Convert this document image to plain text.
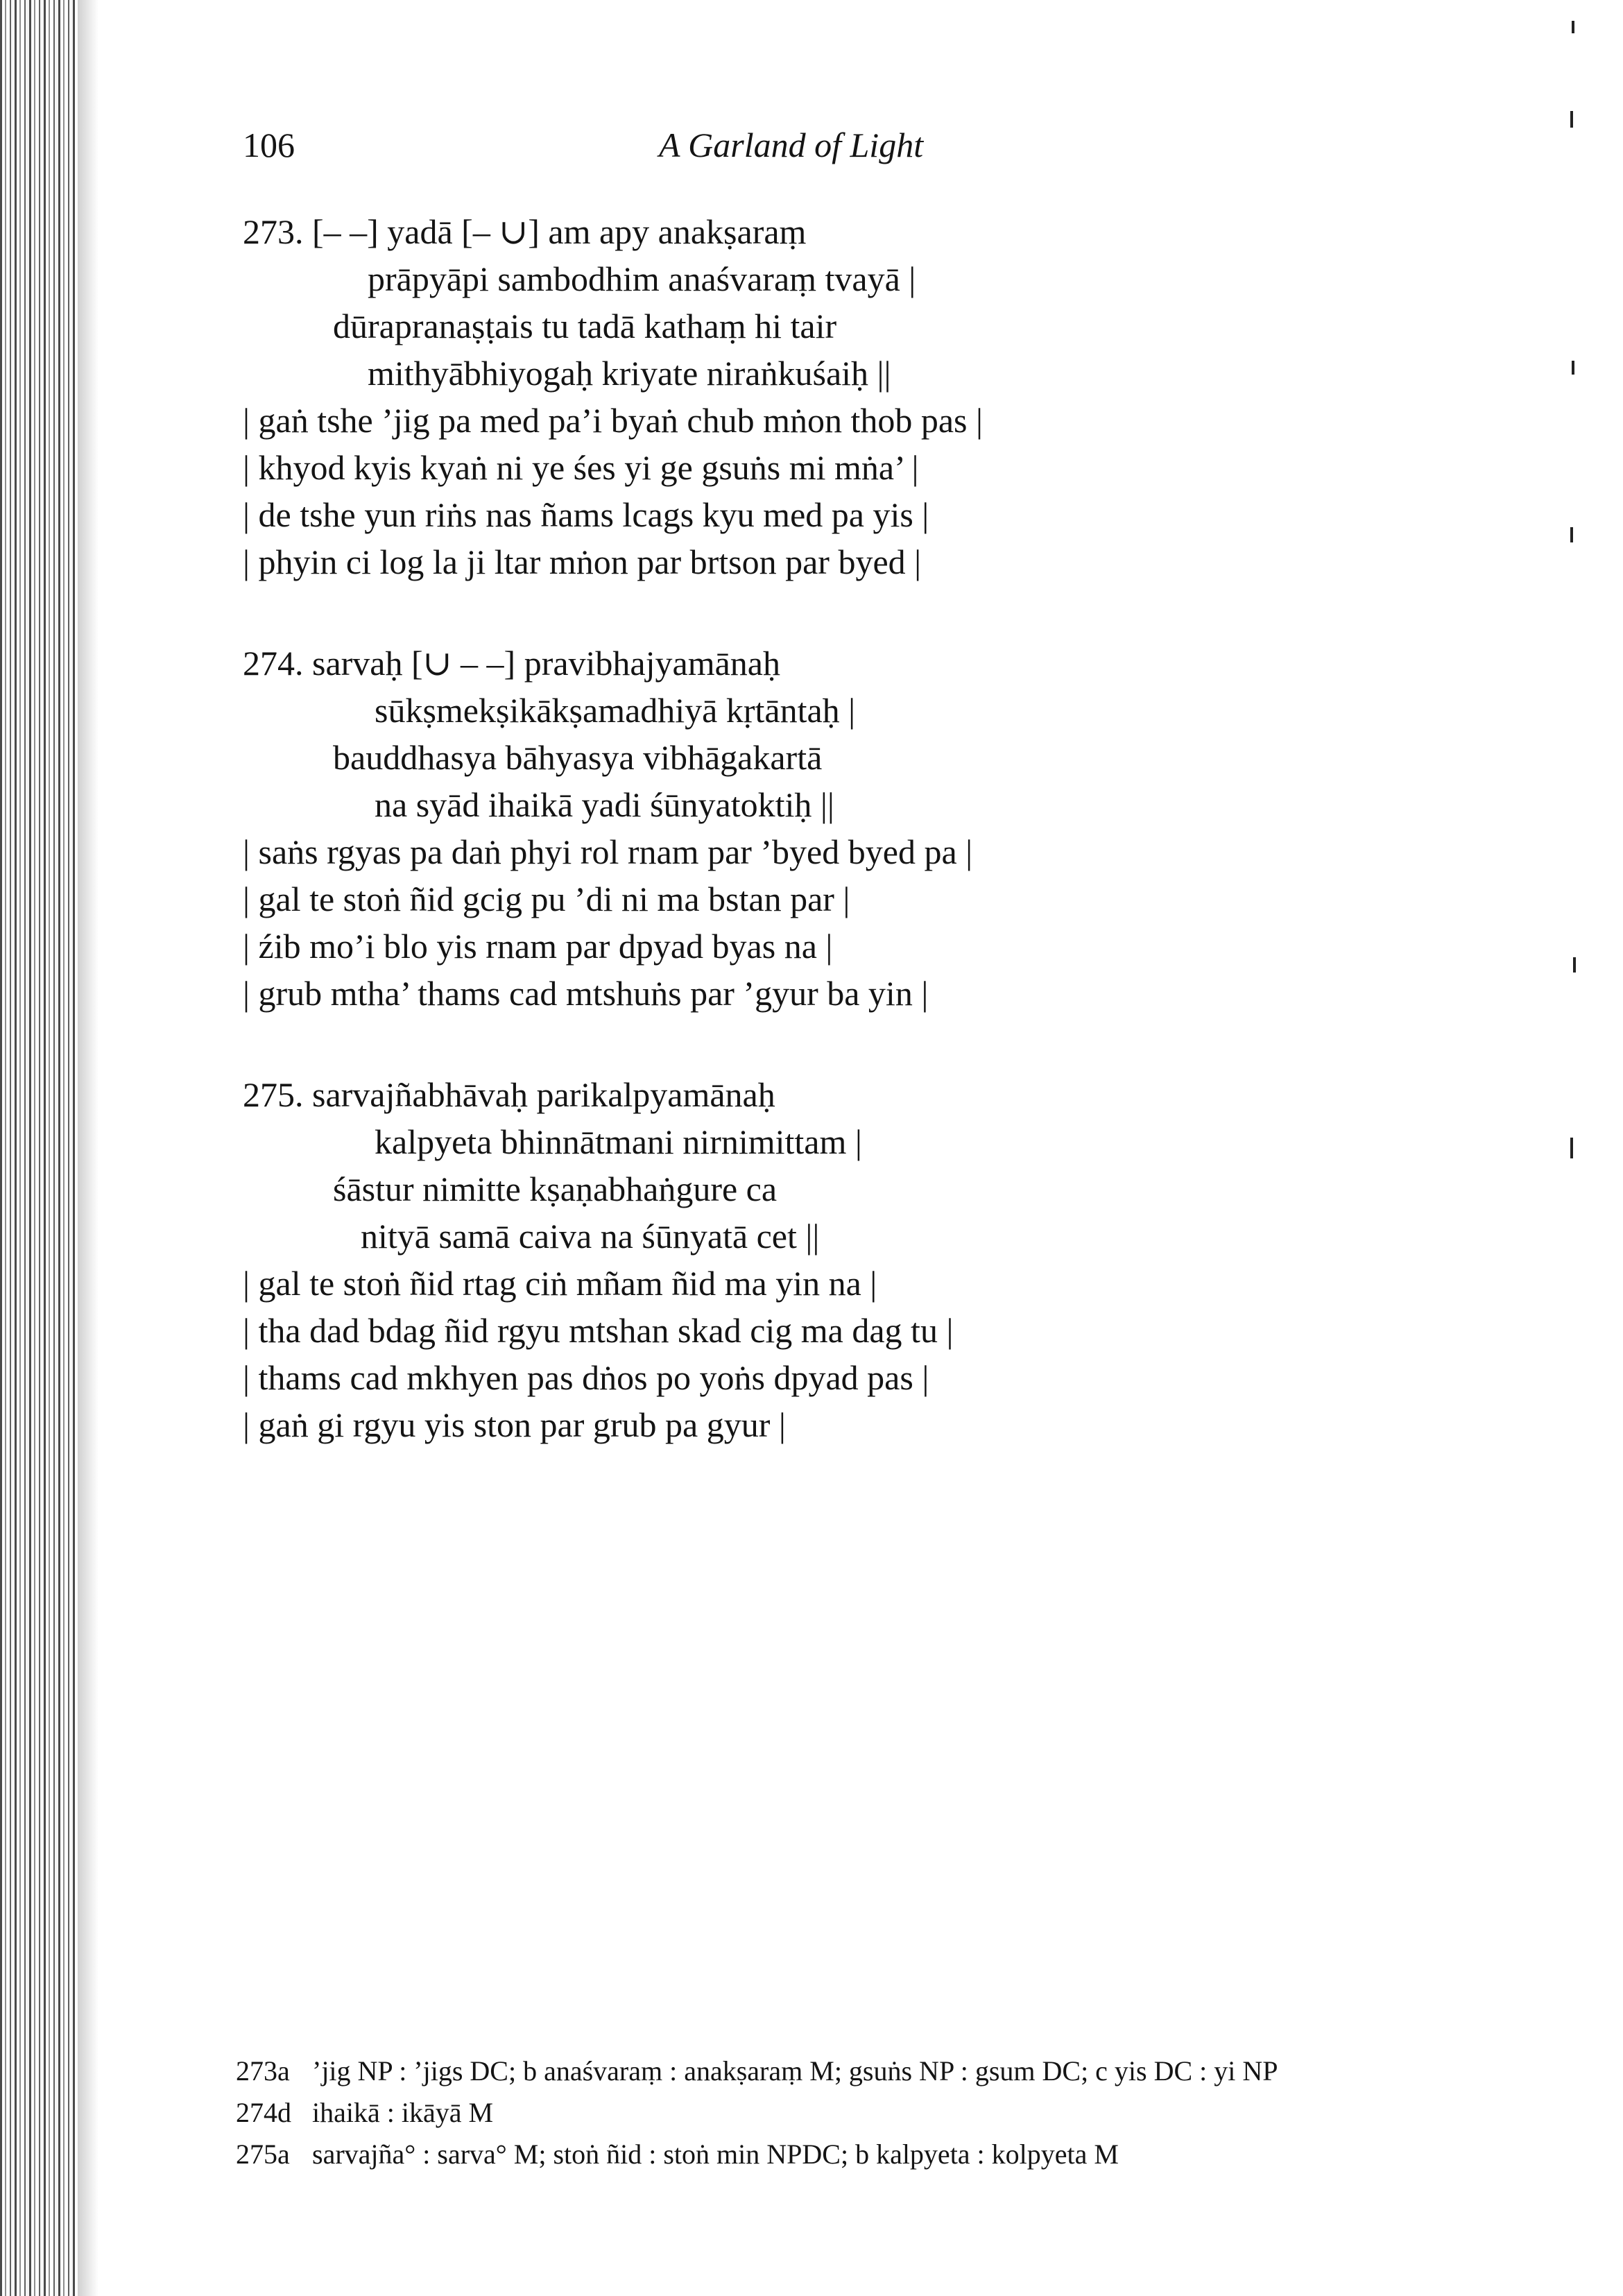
106	A Garland of Light
273. [– –] yadā [– ∪] am apy anakṣaraṃ
prāpyāpi sambodhim anaśvaraṃ tvayā |
dūrapranaṣṭais tu tadā kathaṃ hi tair
mithyābhiyogaḥ kriyate niraṅkuśaiḥ ||
| gaṅ tshe ’jig pa med pa’i byaṅ chub mṅon thob pas |
| khyod kyis kyaṅ ni ye śes yi ge gsuṅs mi mṅa’ |
| de tshe yun riṅs nas ñams lcags kyu med pa yis |
| phyin ci log la ji ltar mṅon par brtson par byed |
274. sarvaḥ [∪ – –] pravibhajyamānaḥ
sūkṣmekṣikākṣamadhiyā kṛtāntaḥ |
bauddhasya bāhyasya vibhāgakartā
na syād ihaikā yadi śūnyatoktiḥ ||
| saṅs rgyas pa daṅ phyi rol rnam par ’byed byed pa |
| gal te stoṅ ñid gcig pu ’di ni ma bstan par |
| źib mo’i blo yis rnam par dpyad byas na |
| grub mtha’ thams cad mtshuṅs par ’gyur ba yin |
275. sarvajñabhāvaḥ parikalpyamānaḥ
kalpyeta bhinnātmani nirnimittam |
śāstur nimitte kṣaṇabhaṅgure ca
nityā samā caiva na śūnyatā cet ||
| gal te stoṅ ñid rtag ciṅ mñam ñid ma yin na |
| tha dad bdag ñid rgyu mtshan skad cig ma dag tu |
| thams cad mkhyen pas dṅos po yoṅs dpyad pas |
| gaṅ gi rgyu yis ston par grub pa gyur |
273a ’jig NP : ’jigs DC; b anaśvaraṃ : anakṣaraṃ M; gsuṅs NP : gsum DC; c yis DC : yi NP
274d ihaikā : ikāyā M
275a sarvajña° : sarva° M; stoṅ ñid : stoṅ min NPDC; b kalpyeta : kolpyeta M
